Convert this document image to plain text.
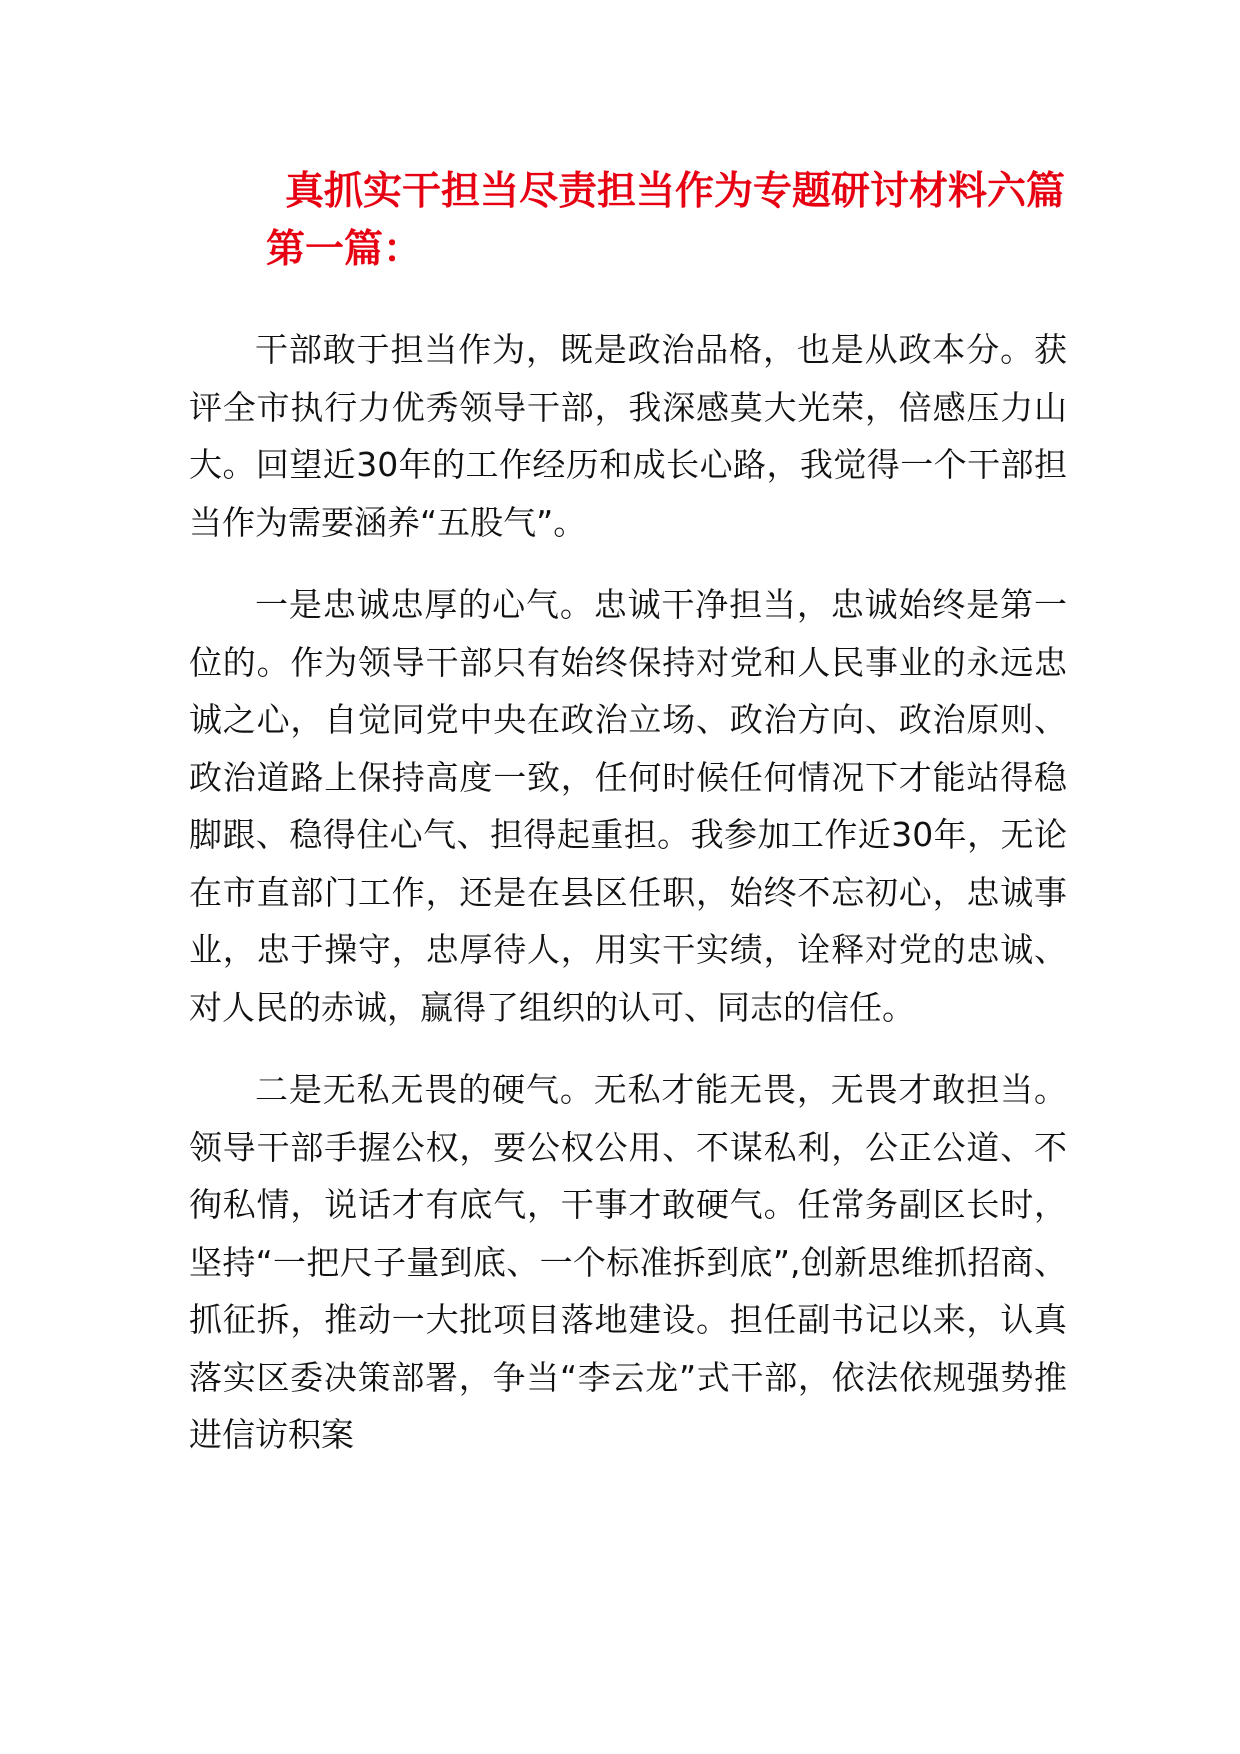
真抓实干担当尽责担当作为专题研讨材料六篇
第一篇：

干部敢于担当作为，既是政治品格，也是从政本分。获评全市执行力优秀领导干部，我深感莫大光荣，倍感压力山大。回望近30年的工作经历和成长心路，我觉得一个干部担当作为需要涵养“五股气”。

一是忠诚忠厚的心气。忠诚干净担当，忠诚始终是第一位的。作为领导干部只有始终保持对党和人民事业的永远忠诚之心，自觉同党中央在政治立场、政治方向、政治原则、政治道路上保持高度一致，任何时候任何情况下才能站得稳脚跟、稳得住心气、担得起重担。我参加工作近30年，无论在市直部门工作，还是在县区任职，始终不忘初心，忠诚事业，忠于操守，忠厚待人，用实干实绩，诠释对党的忠诚、对人民的赤诚，赢得了组织的认可、同志的信任。

二是无私无畏的硬气。无私才能无畏，无畏才敢担当。领导干部手握公权，要公权公用、不谋私利，公正公道、不徇私情，说话才有底气，干事才敢硬气。任常务副区长时，坚持“一把尺子量到底、一个标准拆到底”,创新思维抓招商、抓征拆，推动一大批项目落地建设。担任副书记以来，认真落实区委决策部署，争当“李云龙”式干部，依法依规强势推进信访积案
